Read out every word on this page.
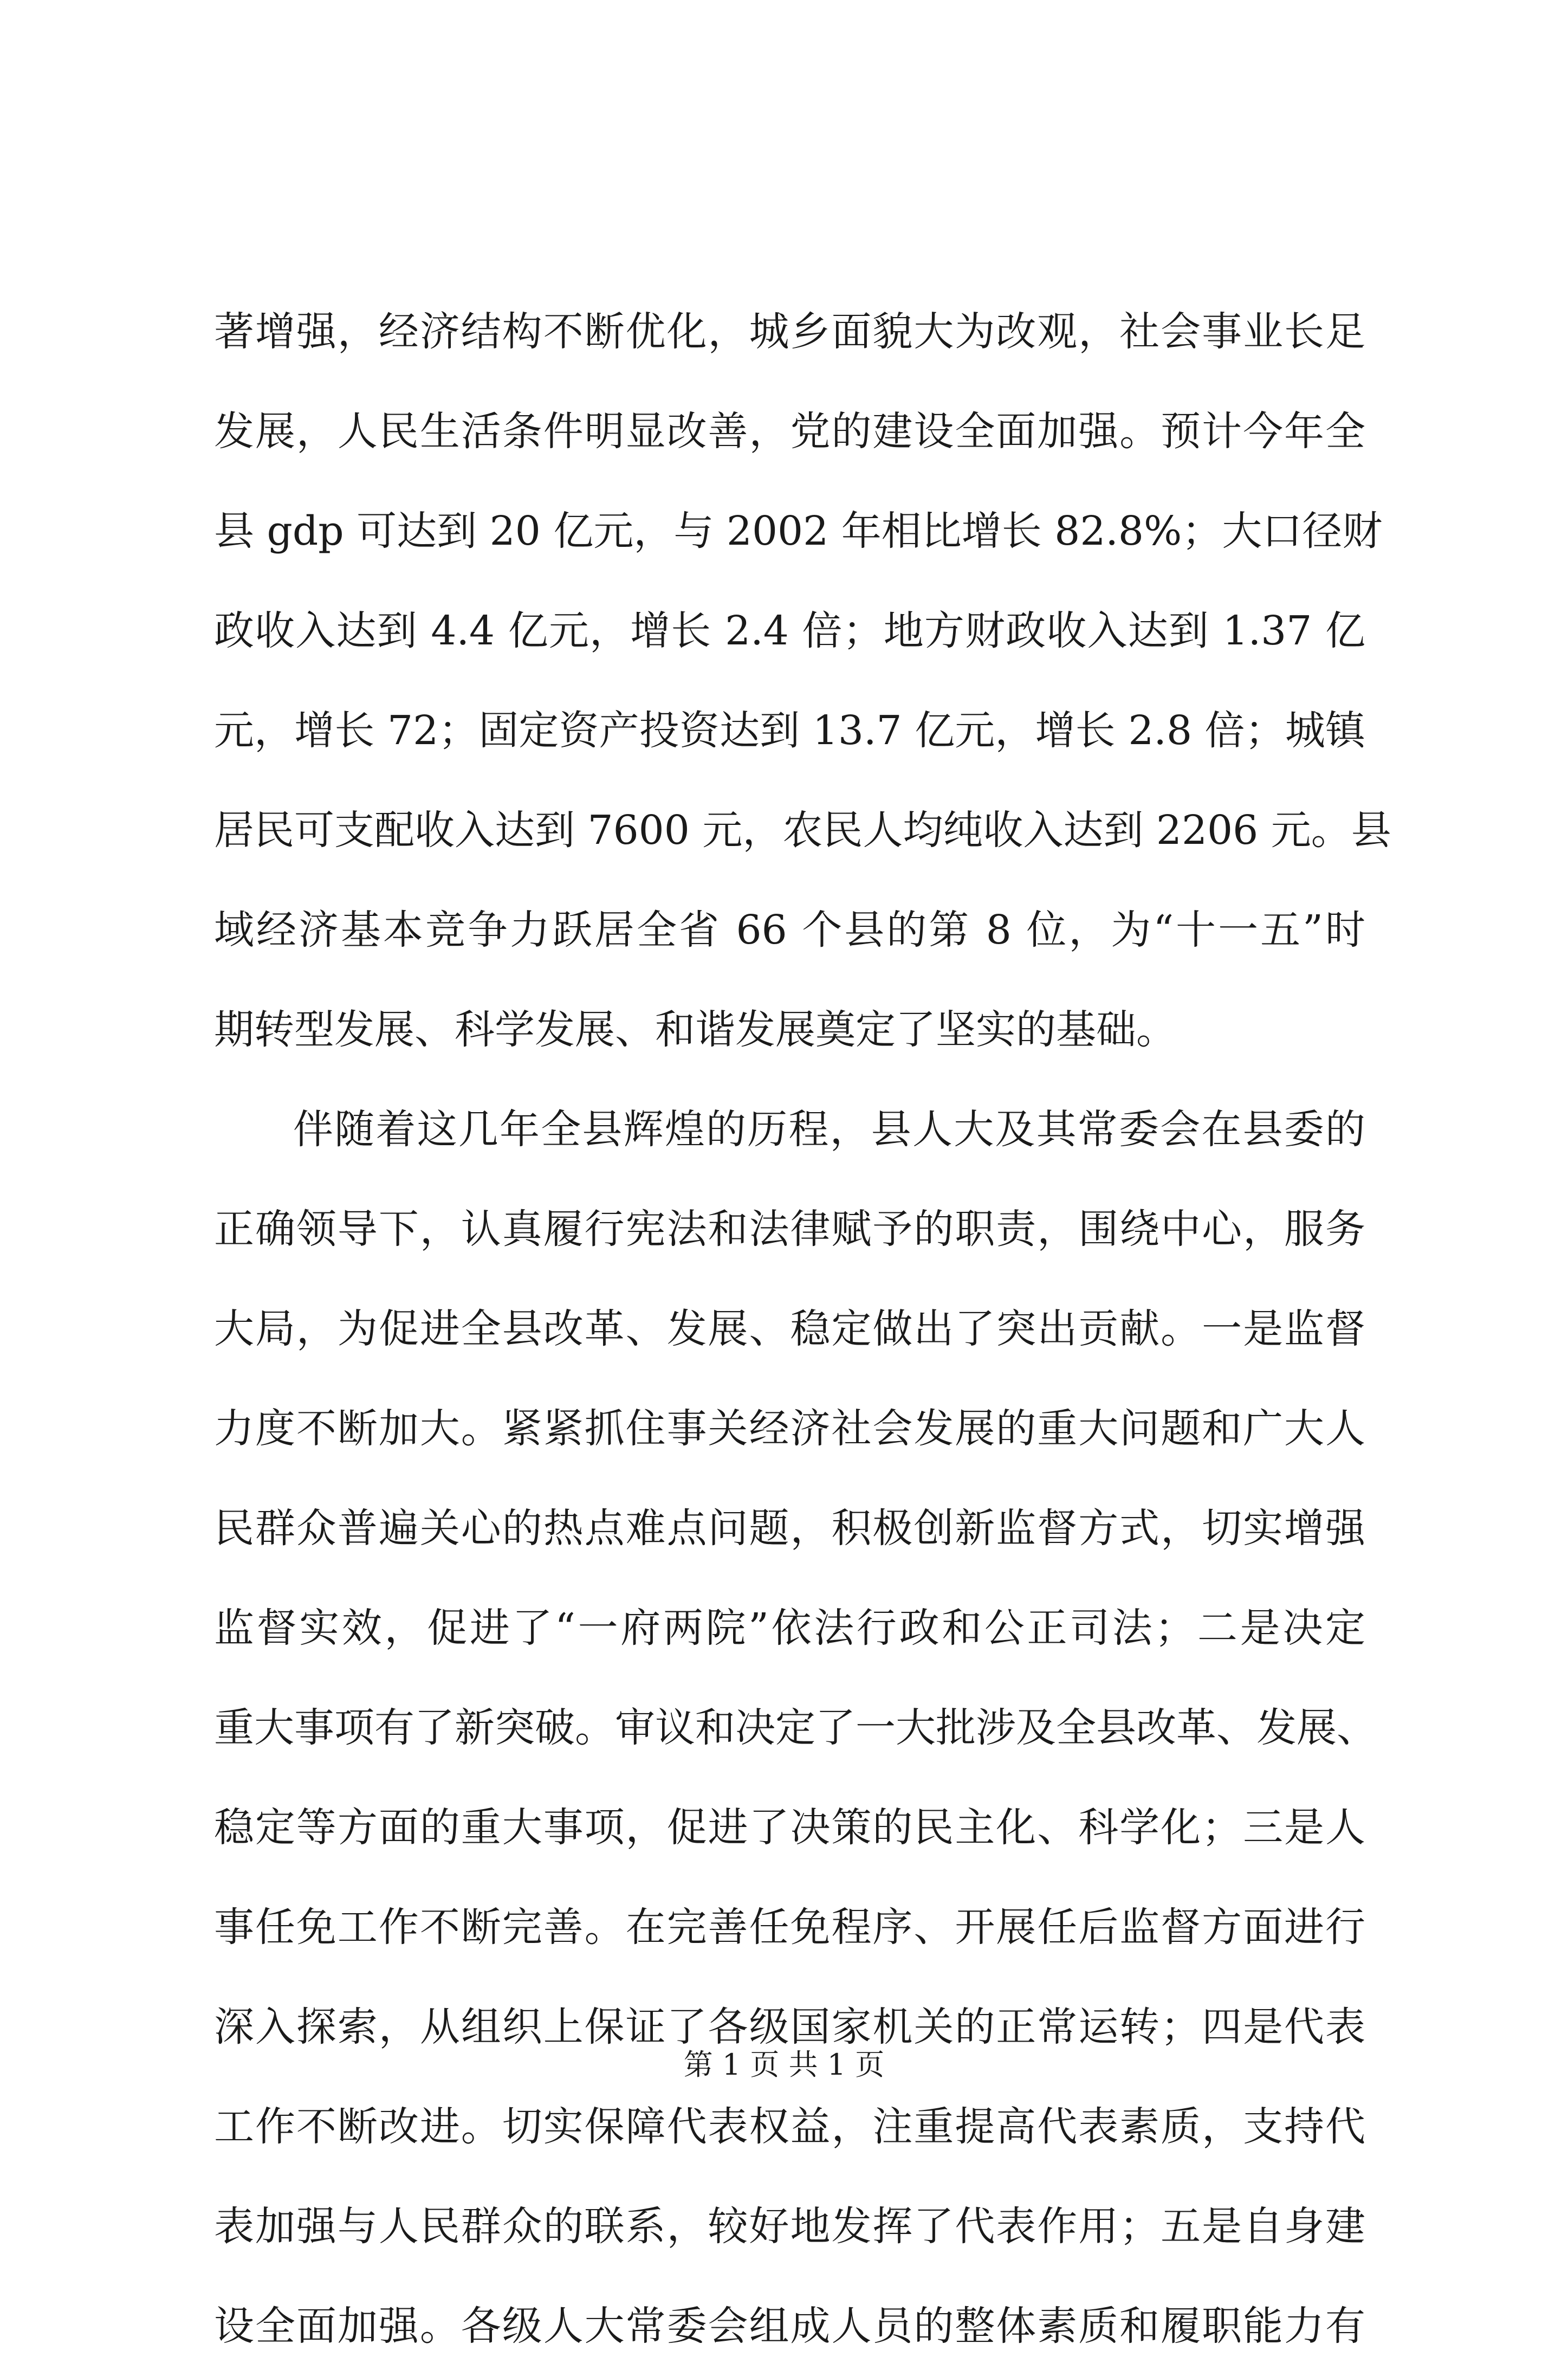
著增强，经济结构不断优化，城乡面貌大为改观，社会事业长足
发展，人民生活条件明显改善，党的建设全面加强。预计今年全
县 gdp 可达到 20 亿元，与 2002 年相比增长 82.8%；大口径财
政收入达到 4.4 亿元，增长 2.4 倍；地方财政收入达到 1.37 亿
元，增长 72；固定资产投资达到 13.7 亿元，增长 2.8 倍；城镇
居民可支配收入达到 7600 元，农民人均纯收入达到 2206 元。县
域经济基本竞争力跃居全省 66 个县的第 8 位，为“十一五”时
期转型发展、科学发展、和谐发展奠定了坚实的基础。
伴随着这几年全县辉煌的历程，县人大及其常委会在县委的
正确领导下，认真履行宪法和法律赋予的职责，围绕中心，服务
大局，为促进全县改革、发展、稳定做出了突出贡献。一是监督
力度不断加大。紧紧抓住事关经济社会发展的重大问题和广大人
民群众普遍关心的热点难点问题，积极创新监督方式，切实增强
监督实效，促进了“一府两院”依法行政和公正司法；二是决定
重大事项有了新突破。审议和决定了一大批涉及全县改革、发展、
稳定等方面的重大事项，促进了决策的民主化、科学化；三是人
事任免工作不断完善。在完善任免程序、开展任后监督方面进行
深入探索，从组织上保证了各级国家机关的正常运转；四是代表
工作不断改进。切实保障代表权益，注重提高代表素质，支持代
表加强与人民群众的联系，较好地发挥了代表作用；五是自身建
设全面加强。各级人大常委会组成人员的整体素质和履职能力有
第 1 页 共 1 页
